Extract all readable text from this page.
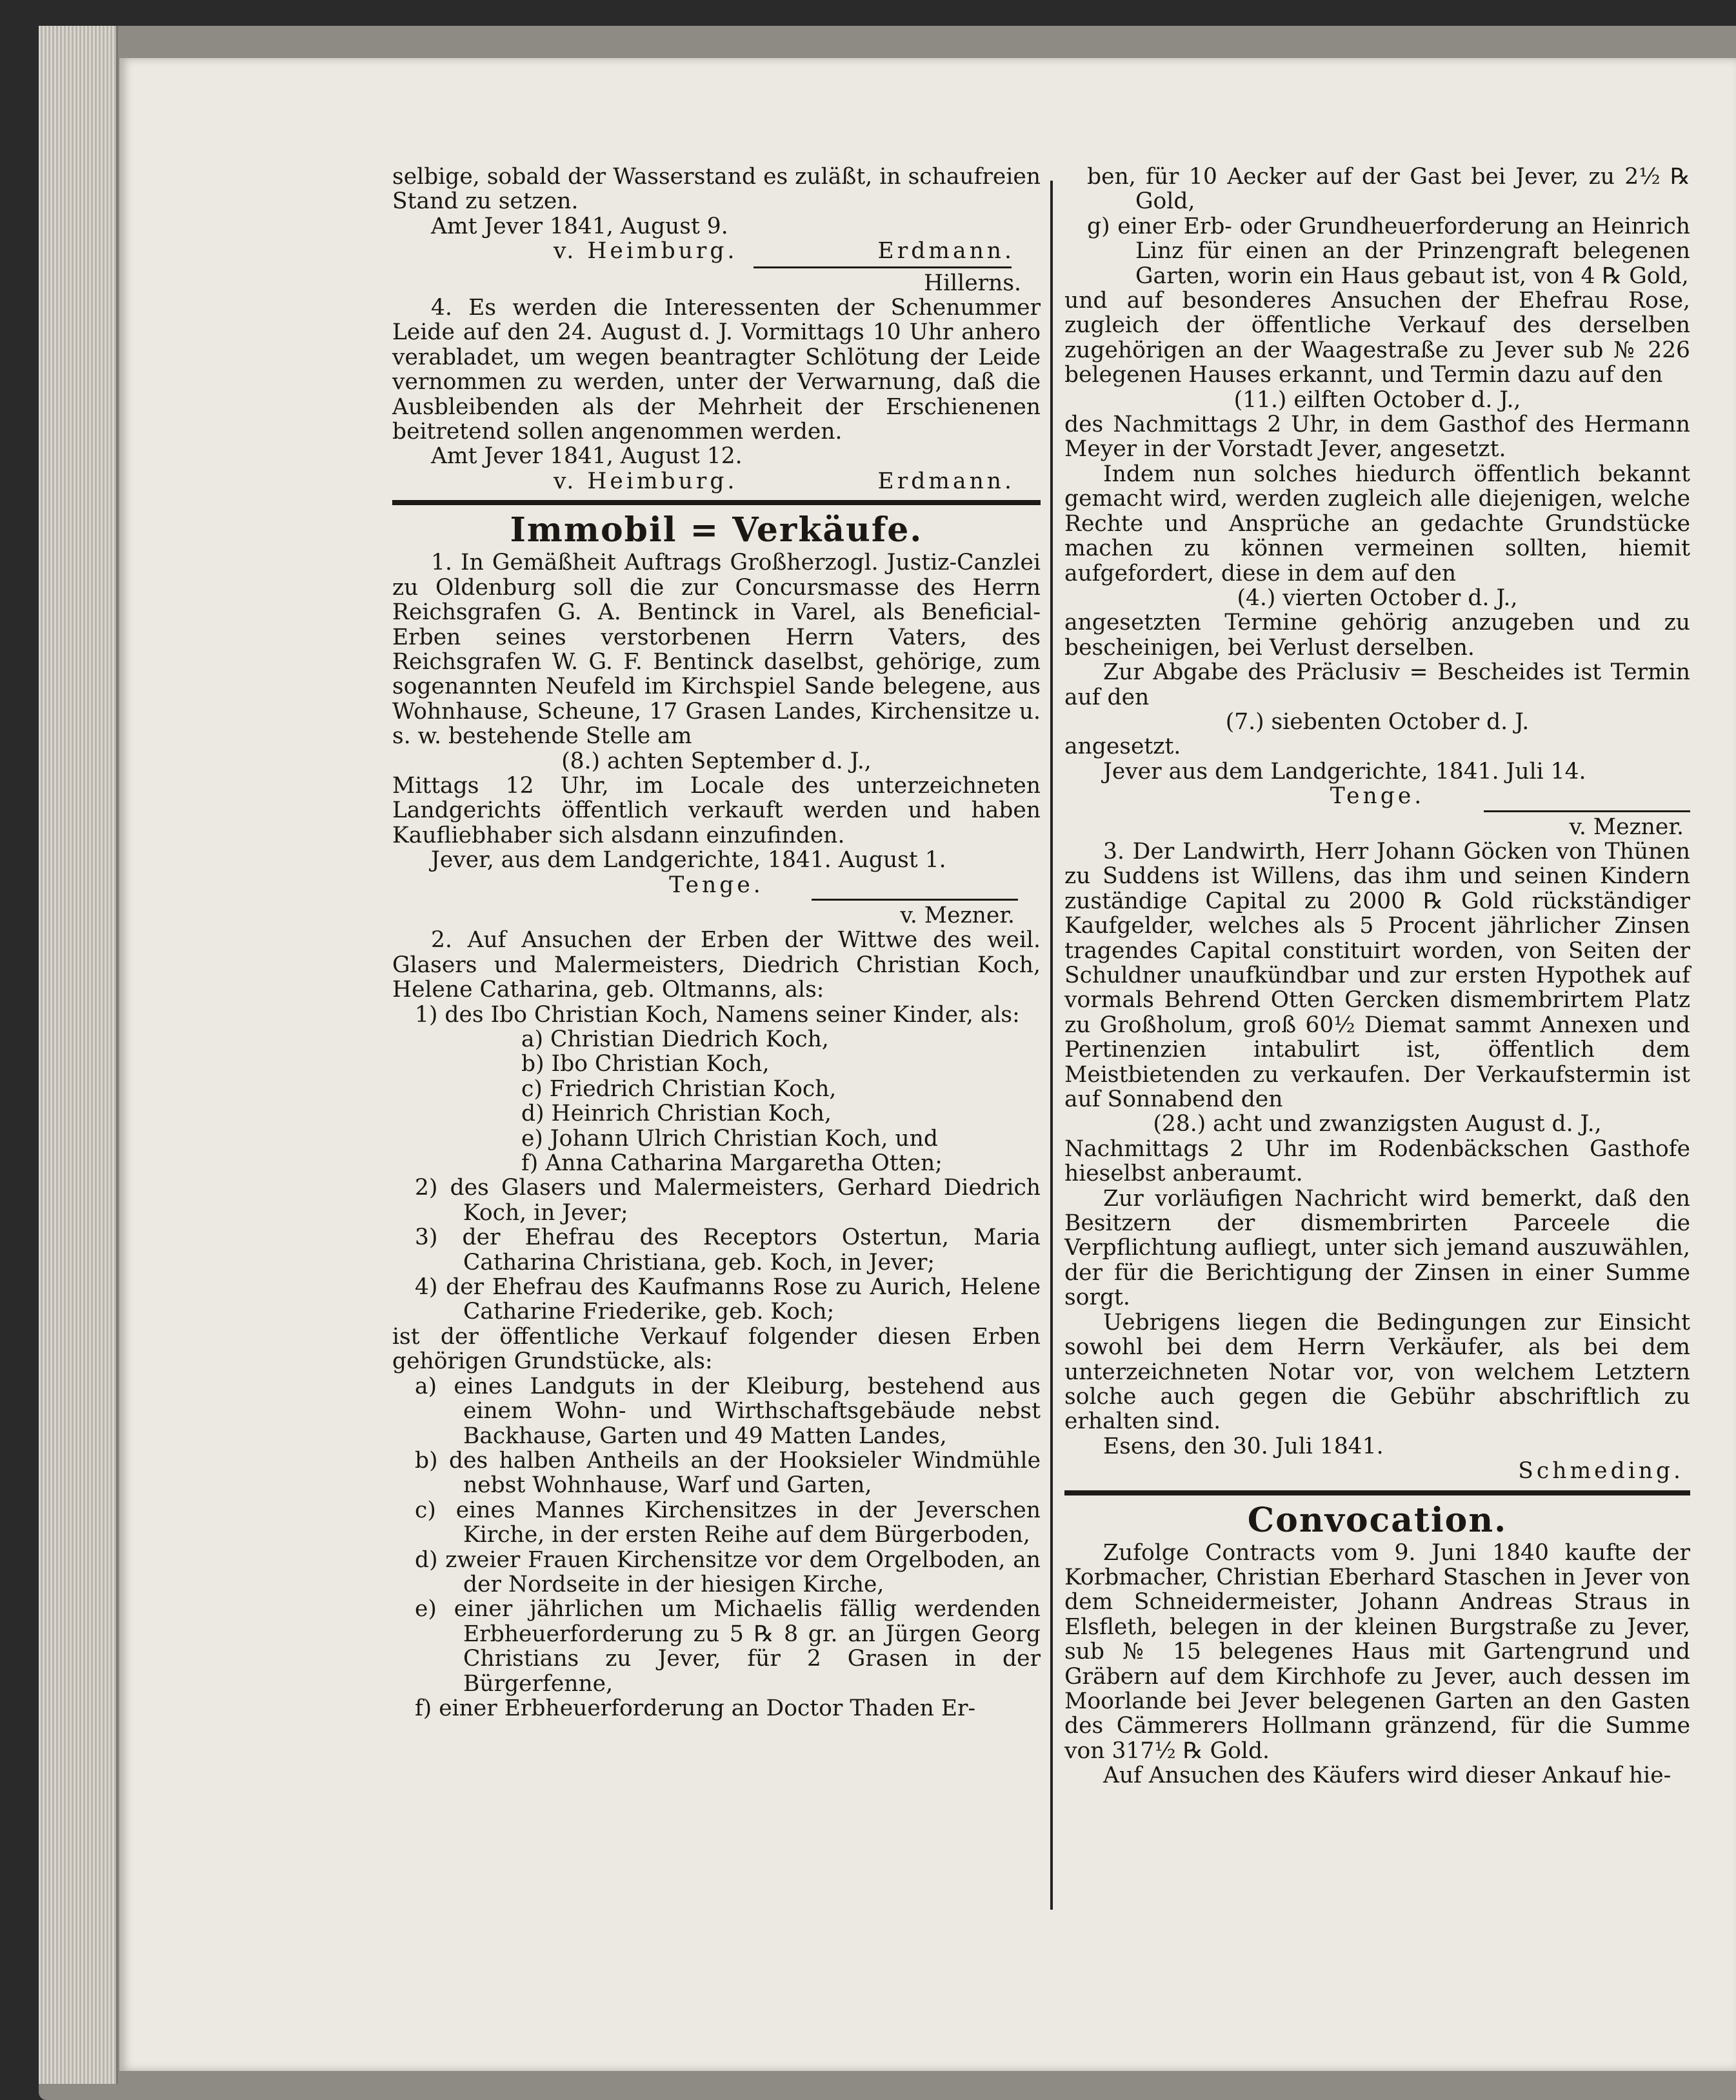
selbige, sobald der Wasserstand es zuläßt, in schaufreien Stand zu setzen.

Amt Jever 1841, August 9.

v. Heimburg.	Erdmann.

Hillerns.

4. Es werden die Interessenten der Schenummer Leide auf den 24. August d. J. Vormittags 10 Uhr anhero verabladet, um wegen beantragter Schlötung der Leide vernommen zu werden, unter der Verwarnung, daß die Ausbleibenden als der Mehrheit der Erschienenen beitretend sollen angenommen werden.

Amt Jever 1841, August 12.

v. Heimburg.	Erdmann.

Immobil = Verkäufe.

1. In Gemäßheit Auftrags Großherzogl. Justiz-Canzlei zu Oldenburg soll die zur Concursmasse des Herrn Reichsgrafen G. A. Bentinck in Varel, als Beneficial-Erben seines verstorbenen Herrn Vaters, des Reichsgrafen W. G. F. Bentinck daselbst, gehörige, zum sogenannten Neufeld im Kirchspiel Sande belegene, aus Wohnhause, Scheune, 17 Grasen Landes, Kirchensitze u. s. w. bestehende Stelle am

(8.) achten September d. J.,

Mittags 12 Uhr, im Locale des unterzeichneten Landgerichts öffentlich verkauft werden und haben Kaufliebhaber sich alsdann einzufinden.

Jever, aus dem Landgerichte, 1841. August 1.

Tenge.

v. Mezner.

2. Auf Ansuchen der Erben der Wittwe des weil. Glasers und Malermeisters, Diedrich Christian Koch, Helene Catharina, geb. Oltmanns, als:

1) des Ibo Christian Koch, Namens seiner Kinder, als:

a) Christian Diedrich Koch,

b) Ibo Christian Koch,

c) Friedrich Christian Koch,

d) Heinrich Christian Koch,

e) Johann Ulrich Christian Koch, und

f) Anna Catharina Margaretha Otten;

2) des Glasers und Malermeisters, Gerhard Diedrich Koch, in Jever;

3) der Ehefrau des Receptors Ostertun, Maria Catharina Christiana, geb. Koch, in Jever;

4) der Ehefrau des Kaufmanns Rose zu Aurich, Helene Catharine Friederike, geb. Koch;

ist der öffentliche Verkauf folgender diesen Erben gehörigen Grundstücke, als:

a) eines Landguts in der Kleiburg, bestehend aus einem Wohn- und Wirthschaftsgebäude nebst Backhause, Garten und 49 Matten Landes,

b) des halben Antheils an der Hooksieler Windmühle nebst Wohnhause, Warf und Garten,

c) eines Mannes Kirchensitzes in der Jeverschen Kirche, in der ersten Reihe auf dem Bürgerboden,

d) zweier Frauen Kirchensitze vor dem Orgelboden, an der Nordseite in der hiesigen Kirche,

e) einer jährlichen um Michaelis fällig werdenden Erbheuerforderung zu 5 ℞ 8 gr. an Jürgen Georg Christians zu Jever, für 2 Grasen in der Bürgerfenne,

f) einer Erbheuerforderung an Doctor Thaden Er-

ben, für 10 Aecker auf der Gast bei Jever, zu 2½ ℞ Gold,

g) einer Erb- oder Grundheuerforderung an Heinrich Linz für einen an der Prinzengraft belegenen Garten, worin ein Haus gebaut ist, von 4 ℞ Gold,

und auf besonderes Ansuchen der Ehefrau Rose, zugleich der öffentliche Verkauf des derselben zugehörigen an der Waagestraße zu Jever sub № 226 belegenen Hauses erkannt, und Termin dazu auf den

(11.) eilften October d. J.,

des Nachmittags 2 Uhr, in dem Gasthof des Hermann Meyer in der Vorstadt Jever, angesetzt.

Indem nun solches hiedurch öffentlich bekannt gemacht wird, werden zugleich alle diejenigen, welche Rechte und Ansprüche an gedachte Grundstücke machen zu können vermeinen sollten, hiemit aufgefordert, diese in dem auf den

(4.) vierten October d. J.,

angesetzten Termine gehörig anzugeben und zu bescheinigen, bei Verlust derselben.

Zur Abgabe des Präclusiv = Bescheides ist Termin auf den

(7.) siebenten October d. J.

angesetzt.

Jever aus dem Landgerichte, 1841. Juli 14.

Tenge.

v. Mezner.

3. Der Landwirth, Herr Johann Göcken von Thünen zu Suddens ist Willens, das ihm und seinen Kindern zuständige Capital zu 2000 ℞ Gold rückständiger Kaufgelder, welches als 5 Procent jährlicher Zinsen tragendes Capital constituirt worden, von Seiten der Schuldner unaufkündbar und zur ersten Hypothek auf vormals Behrend Otten Gercken dismembrirtem Platz zu Großholum, groß 60½ Diemat sammt Annexen und Pertinenzien intabulirt ist, öffentlich dem Meistbietenden zu verkaufen. Der Verkaufstermin ist auf Sonnabend den

(28.) acht und zwanzigsten August d. J.,

Nachmittags 2 Uhr im Rodenbäckschen Gasthofe hieselbst anberaumt.

Zur vorläufigen Nachricht wird bemerkt, daß den Besitzern der dismembrirten Parceele die Verpflichtung aufliegt, unter sich jemand auszuwählen, der für die Berichtigung der Zinsen in einer Summe sorgt.

Uebrigens liegen die Bedingungen zur Einsicht sowohl bei dem Herrn Verkäufer, als bei dem unterzeichneten Notar vor, von welchem Letztern solche auch gegen die Gebühr abschriftlich zu erhalten sind.

Esens, den 30. Juli 1841.

Schmeding.

Convocation.

Zufolge Contracts vom 9. Juni 1840 kaufte der Korbmacher, Christian Eberhard Staschen in Jever von dem Schneidermeister, Johann Andreas Straus in Elsfleth, belegen in der kleinen Burgstraße zu Jever, sub № 15 belegenes Haus mit Gartengrund und Gräbern auf dem Kirchhofe zu Jever, auch dessen im Moorlande bei Jever belegenen Garten an den Gasten des Cämmerers Hollmann gränzend, für die Summe von 317½ ℞ Gold.

Auf Ansuchen des Käufers wird dieser Ankauf hie-
